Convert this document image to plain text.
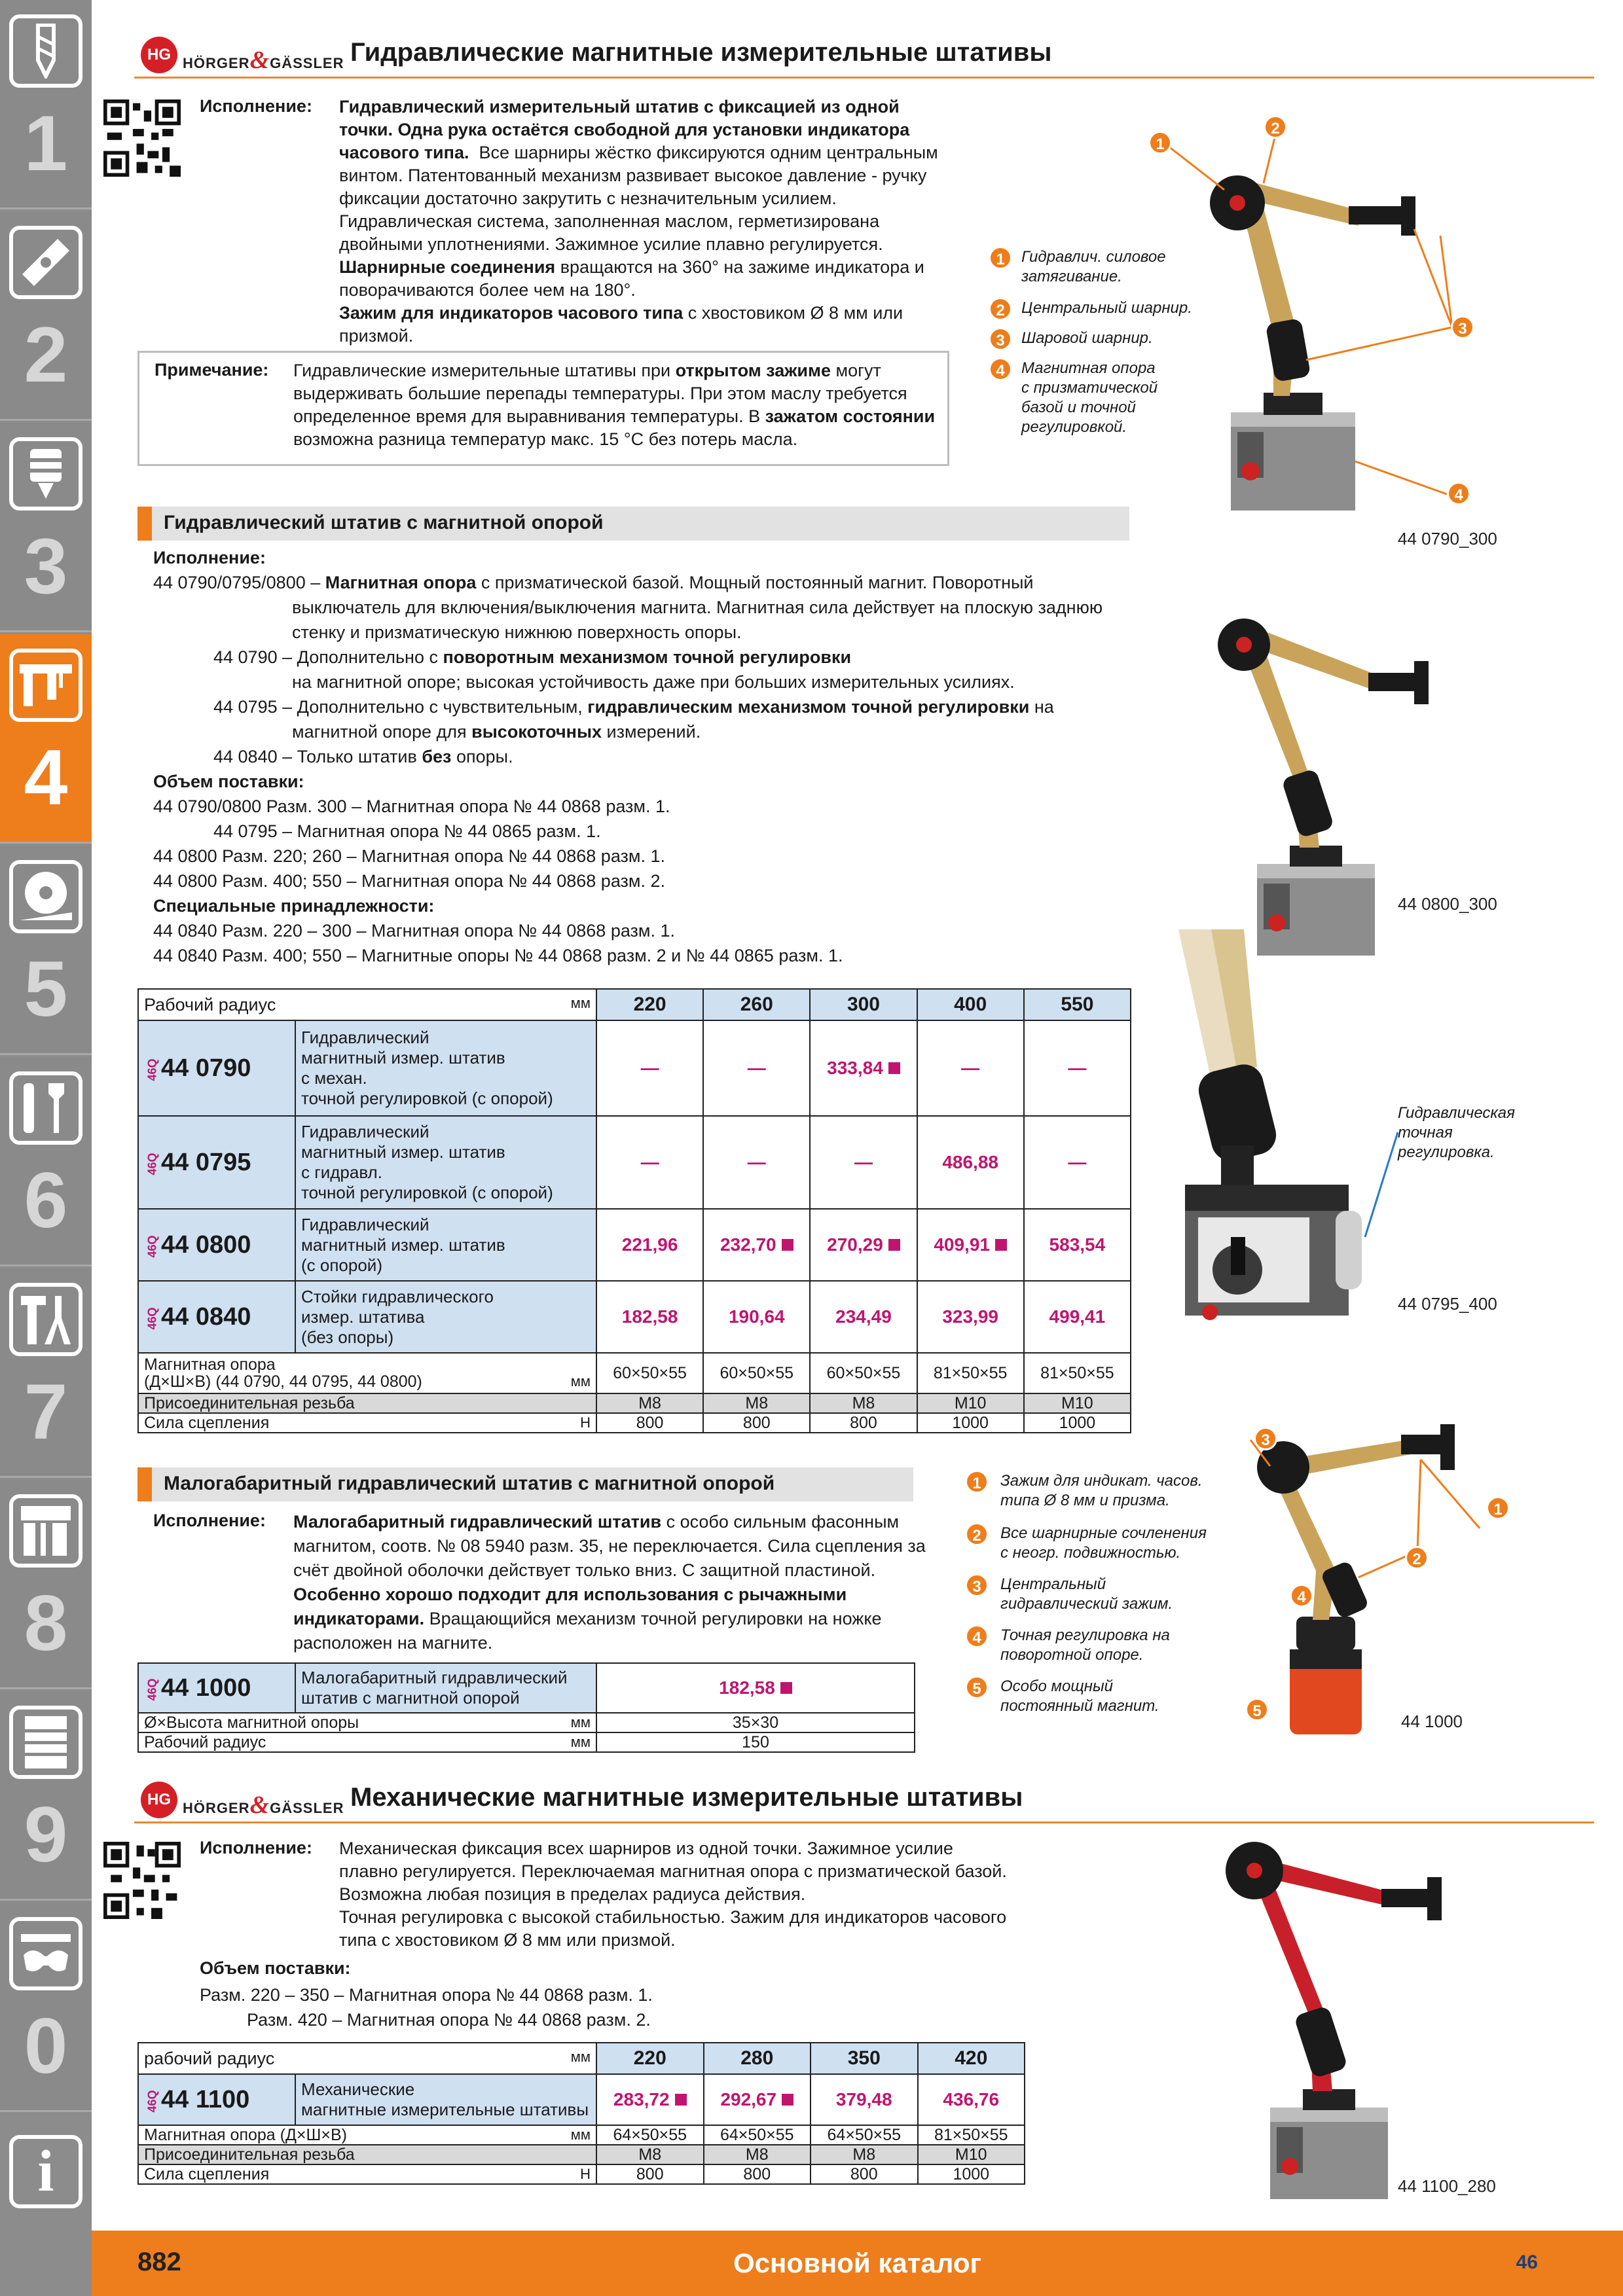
1
2
3
4
5
6
7
8
9
0
i
HG HÖRGER&GÄSSLER Гидравлические магнитные измерительные штативы
Исполнение: Гидравлический измерительный штатив с фиксацией из одной
точки. Одна рука остаётся свободной для установки индикатора
часового типа. Все шарниры жёстко фиксируются одним центральным
винтом. Патентованный механизм развивает высокое давление - ручку
фиксации достаточно закрутить с незначительным усилием.
Гидравлическая система, заполненная маслом, герметизирована
двойными уплотнениями. Зажимное усилие плавно регулируется.
Шарнирные соединения вращаются на 360° на зажиме индикатора и
поворачиваются более чем на 180°.
Зажим для индикаторов часового типа с хвостовиком Ø 8 мм или
призмой.
Примечание: Гидравлические измерительные штативы при открытом зажиме могут
выдерживать большие перепады температуры. При этом маслу требуется
определенное время для выравнивания температуры. В зажатом состоянии
возможна разница температур макс. 15 °C без потерь масла.
1	Гидравлич. силовое
затягивание.
2	Центральный шарнир.
3	Шаровой шарнир.
4	Магнитная опора
с призматической
базой и точной
регулировкой.
1
2
3
4
44 0790_300
Гидравлический штатив с магнитной опорой
Исполнение:
44 0790/0795/0800 – Магнитная опора с призматической базой. Мощный постоянный магнит. Поворотный
выключатель для включения/выключения магнита. Магнитная сила действует на плоскую заднюю
стенку и призматическую нижнюю поверхность опоры.
44 0790 – Дополнительно с поворотным механизмом точной регулировки
на магнитной опоре; высокая устойчивость даже при больших измерительных усилиях.
44 0795 – Дополнительно с чувствительным, гидравлическим механизмом точной регулировки на
магнитной опоре для высокоточных измерений.
44 0840 – Только штатив без опоры.
Объем поставки:
44 0790/0800 Разм. 300 – Магнитная опора № 44 0868 разм. 1.
44 0795 – Магнитная опора № 44 0865 разм. 1.
44 0800 Разм. 220; 260 – Магнитная опора № 44 0868 разм. 1.
44 0800 Разм. 400; 550 – Магнитная опора № 44 0868 разм. 2.
Специальные принадлежности:
44 0840 Разм. 220 – 300 – Магнитная опора № 44 0868 разм. 1.
44 0840 Разм. 400; 550 – Магнитные опоры № 44 0868 разм. 2 и № 44 0865 разм. 1.
Рабочий радиус мм		220	260	300	400	550
46Q44 0790	Гидравлический
магнитный измер. штатив
с механ.
точной регулировкой (с опорой)	—	—	333,84	—	—
46Q44 0795	Гидравлический
магнитный измер. штатив
с гидравл.
точной регулировкой (с опорой)	—	—	—	486,88	—
46Q44 0800	Гидравлический
магнитный измер. штатив
(с опорой)	221,96	232,70	270,29	409,91	583,54
46Q44 0840	Стойки гидравлического
измер. штатива
(без опоры)	182,58	190,64	234,49	323,99	499,41

Магнитная опора
(Д×Ш×В) (44 0790, 44 0795, 44 0800) мм		60×50×55	60×50×55	60×50×55	81×50×55	81×50×55
Присоединительная резьба		M8	M8	M8	M10	M10
Сила сцепления Н		800	800	800	1000	1000
44 0800_300
Гидравлическая
точная
регулировка.
44 0795_400
Малогабаритный гидравлический штатив с магнитной опорой
Исполнение: Малогабаритный гидравлический штатив с особо сильным фасонным
магнитом, соотв. № 08 5940 разм. 35, не переключается. Сила сцепления за
счёт двойной оболочки действует только вниз. С защитной пластиной.
Особенно хорошо подходит для использования с рычажными
индикаторами. Вращающийся механизм точной регулировки на ножке
расположен на магните.
46Q44 1000	Малогабаритный гидравлический
штатив с магнитной опорой	182,58
Ø×Высота магнитной опоры мм		35×30
Рабочий радиус мм		150
1	Зажим для индикат. часов.
типа Ø 8 мм и призма.
2	Все шарнирные сочленения
с неогр. подвижностью.
3	Центральный
гидравлический зажим.
4	Точная регулировка на
поворотной опоре.
5	Особо мощный
постоянный магнит.
3
1
2
4
5
44 1000
HG HÖRGER&GÄSSLER Механические магнитные измерительные штативы
Исполнение: Механическая фиксация всех шарниров из одной точки. Зажимное усилие
плавно регулируется. Переключаемая магнитная опора с призматической базой.
Возможна любая позиция в пределах радиуса действия.
Точная регулировка с высокой стабильностью. Зажим для индикаторов часового
типа с хвостовиком Ø 8 мм или призмой.
Объем поставки:
Разм. 220 – 350 – Магнитная опора № 44 0868 разм. 1.
Разм. 420 – Магнитная опора № 44 0868 разм. 2.
рабочий радиус мм		220	280	350	420
46Q44 1100	Механические
магнитные измерительные штативы	283,72	292,67	379,48	436,76
Магнитная опора (Д×Ш×В) мм		64×50×55	64×50×55	64×50×55	81×50×55
Присоединительная резьба		M8	M8	M8	M10
Сила сцепления Н		800	800	800	1000
44 1100_280
882	Основной каталог	46
